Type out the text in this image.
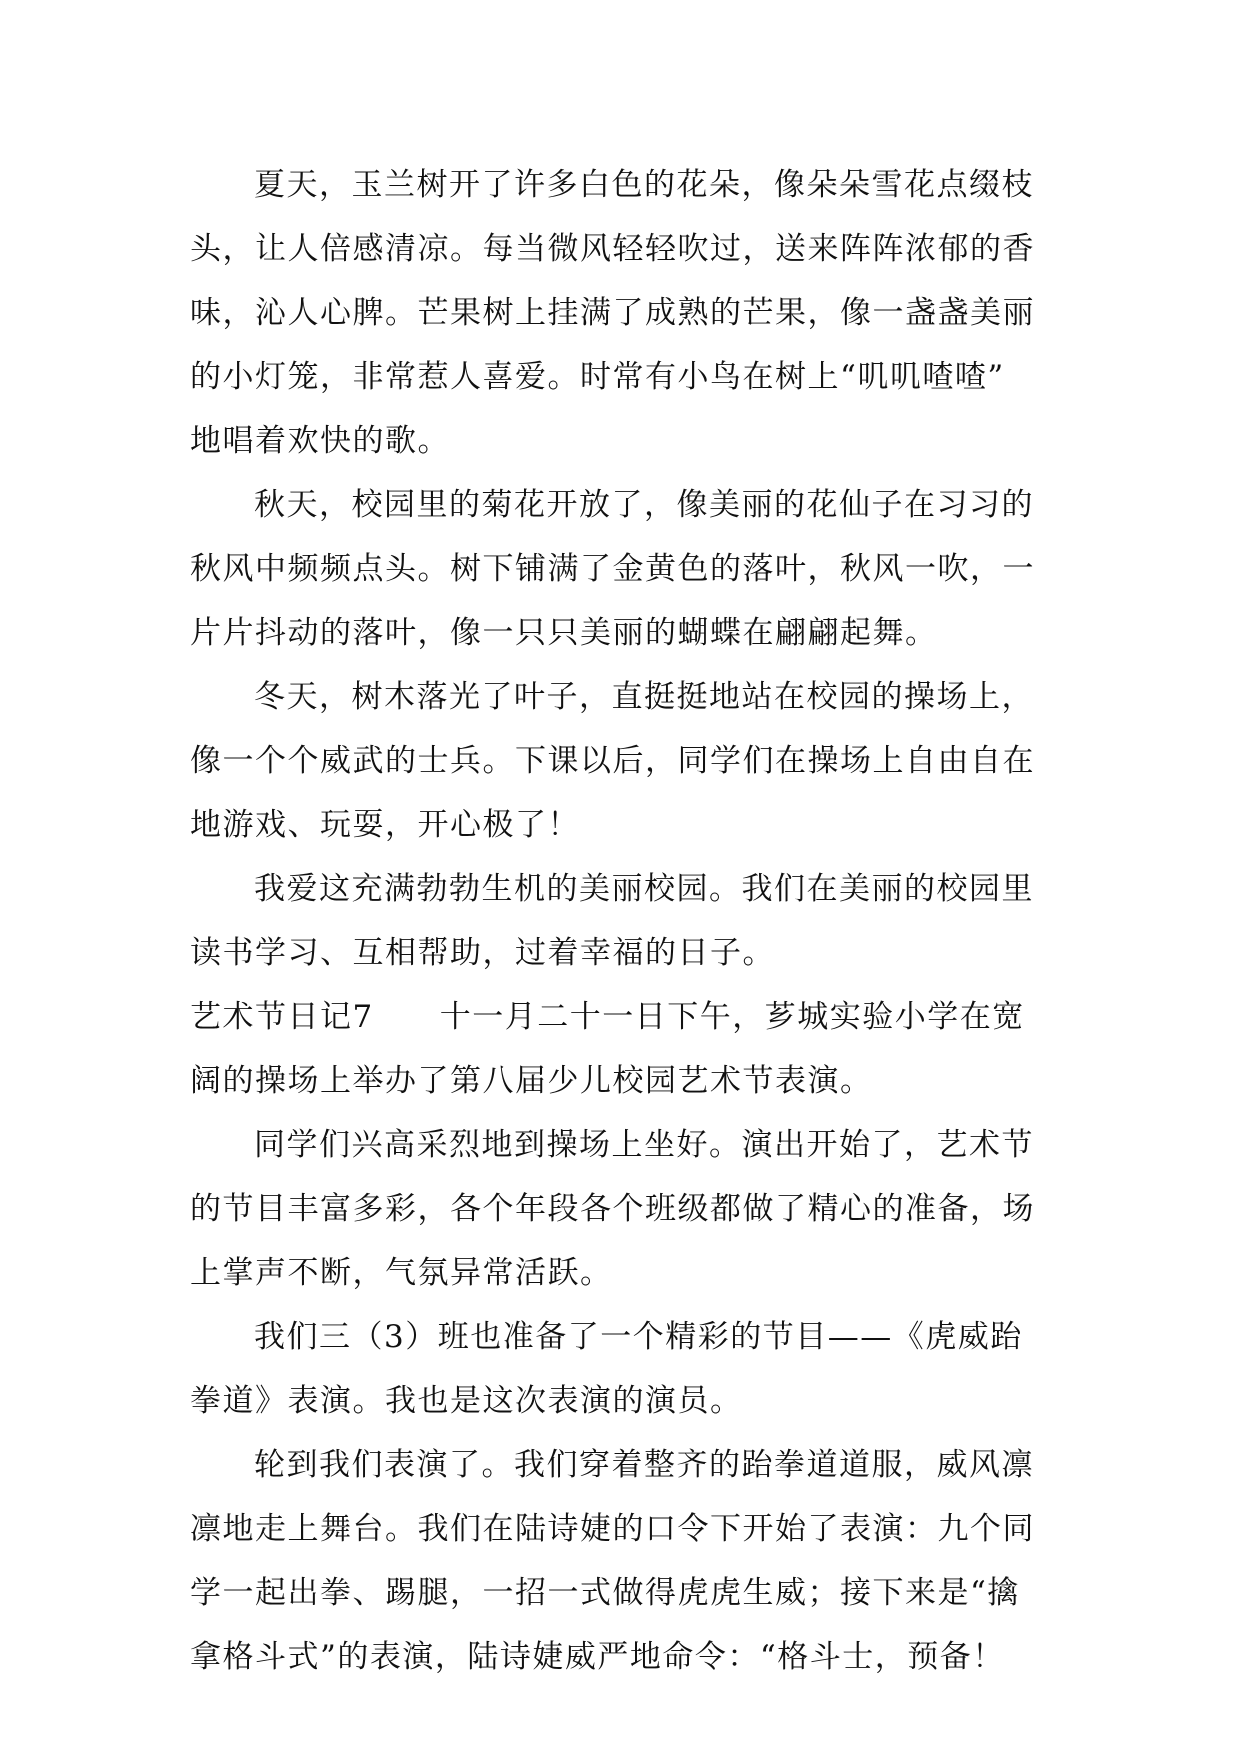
夏天，玉兰树开了许多白色的花朵，像朵朵雪花点缀枝
头，让人倍感清凉。每当微风轻轻吹过，送来阵阵浓郁的香
味，沁人心脾。芒果树上挂满了成熟的芒果，像一盏盏美丽
的小灯笼，非常惹人喜爱。时常有小鸟在树上“叽叽喳喳”
地唱着欢快的歌。
秋天，校园里的菊花开放了，像美丽的花仙子在习习的
秋风中频频点头。树下铺满了金黄色的落叶，秋风一吹，一
片片抖动的落叶，像一只只美丽的蝴蝶在翩翩起舞。
冬天，树木落光了叶子，直挺挺地站在校园的操场上，
像一个个威武的士兵。下课以后，同学们在操场上自由自在
地游戏、玩耍，开心极了！
我爱这充满勃勃生机的美丽校园。我们在美丽的校园里
读书学习、互相帮助，过着幸福的日子。
艺术节日记7 十一月二十一日下午，芗城实验小学在宽
阔的操场上举办了第八届少儿校园艺术节表演。
同学们兴高采烈地到操场上坐好。演出开始了，艺术节
的节目丰富多彩，各个年段各个班级都做了精心的准备，场
上掌声不断，气氛异常活跃。
我们三（3）班也准备了一个精彩的节目——《虎威跆
拳道》表演。我也是这次表演的演员。
轮到我们表演了。我们穿着整齐的跆拳道道服，威风凛
凛地走上舞台。我们在陆诗婕的口令下开始了表演：九个同
学一起出拳、踢腿，一招一式做得虎虎生威；接下来是“擒
拿格斗式”的表演，陆诗婕威严地命令：“格斗士，预备！
